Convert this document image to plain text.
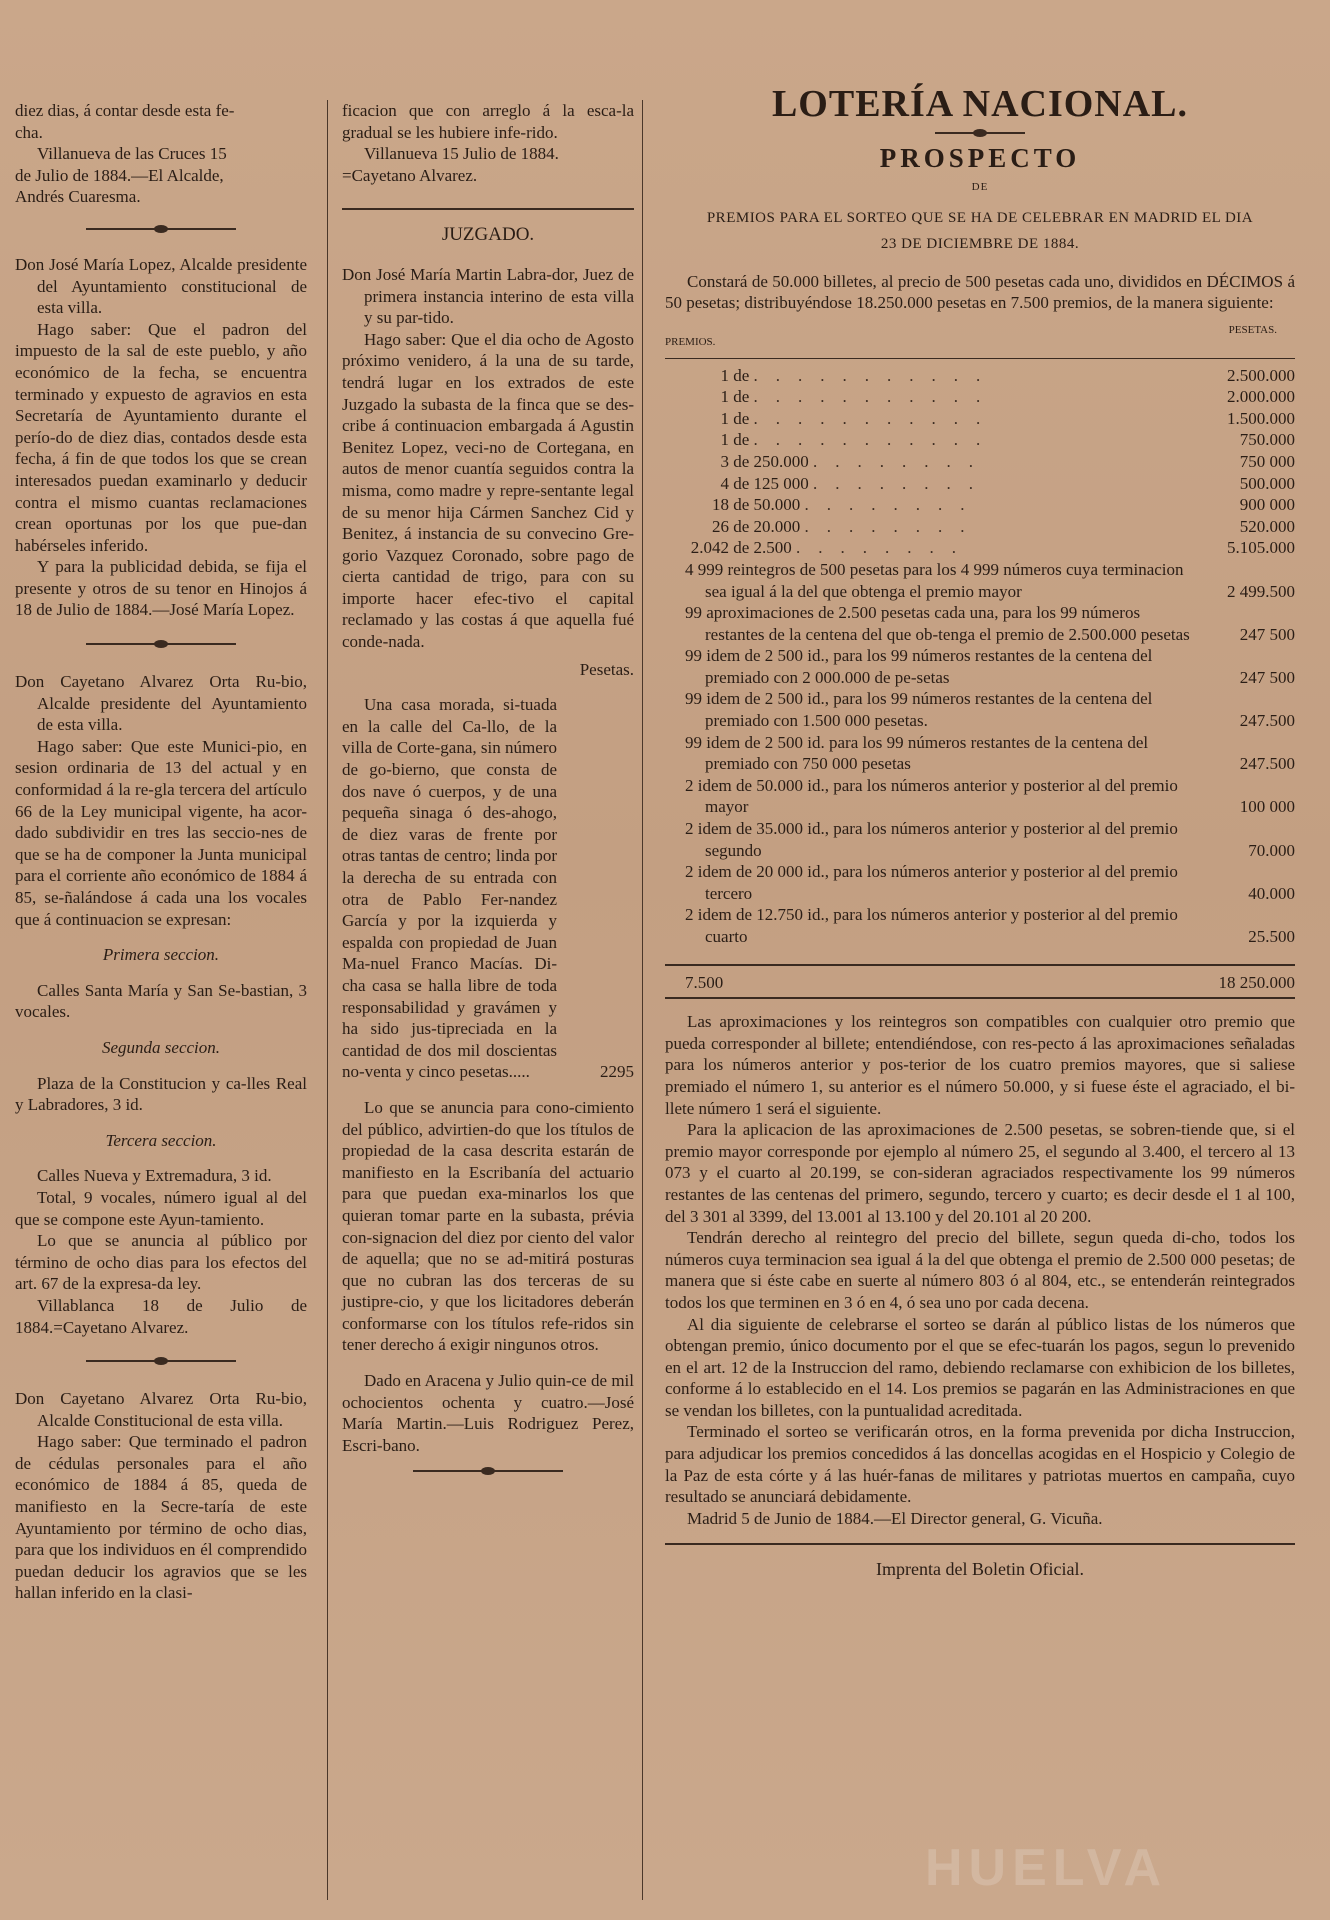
diez dias, á contar desde esta fe-

cha.

Villanueva de las Cruces 15

de Julio de 1884.—El Alcalde,

Andrés Cuaresma.

Don José María Lopez, Alcalde presidente del Ayuntamiento constitucional de esta villa.

Hago saber: Que el padron del impuesto de la sal de este pueblo, y año económico de la fecha, se encuentra terminado y expuesto de agravios en esta Secretaría de Ayuntamiento durante el perío-do de diez dias, contados desde esta fecha, á fin de que todos los que se crean interesados puedan examinarlo y deducir contra el mismo cuantas reclamaciones crean oportunas por los que pue-dan habérseles inferido.

Y para la publicidad debida, se fija el presente y otros de su tenor en Hinojos á 18 de Julio de 1884.—José María Lopez.

Don Cayetano Alvarez Orta Ru-bio, Alcalde presidente del Ayuntamiento de esta villa.

Hago saber: Que este Munici-pio, en sesion ordinaria de 13 del actual y en conformidad á la re-gla tercera del artículo 66 de la Ley municipal vigente, ha acor-dado subdividir en tres las seccio-nes de que se ha de componer la Junta municipal para el corriente año económico de 1884 á 85, se-ñalándose á cada una los vocales que á continuacion se expresan:

Primera seccion.

Calles Santa María y San Se-bastian, 3 vocales.

Segunda seccion.

Plaza de la Constitucion y ca-lles Real y Labradores, 3 id.

Tercera seccion.

Calles Nueva y Extremadura, 3 id.

Total, 9 vocales, número igual al del que se compone este Ayun-tamiento.

Lo que se anuncia al público por término de ocho dias para los efectos del art. 67 de la expresa-da ley.

Villablanca 18 de Julio de 1884.=Cayetano Alvarez.

Don Cayetano Alvarez Orta Ru-bio, Alcalde Constitucional de esta villa.

Hago saber: Que terminado el padron de cédulas personales para el año económico de 1884 á 85, queda de manifiesto en la Secre-taría de este Ayuntamiento por término de ocho dias, para que los individuos en él comprendido puedan deducir los agravios que se les hallan inferido en la clasi-

ficacion que con arreglo á la esca-la gradual se les hubiere infe-rido.

Villanueva 15 Julio de 1884.

=Cayetano Alvarez.

JUZGADO.

Don José María Martin Labra-dor, Juez de primera instancia interino de esta villa y su par-tido.

Hago saber: Que el dia ocho de Agosto próximo venidero, á la una de su tarde, tendrá lugar en los extrados de este Juzgado la subasta de la finca que se des-cribe á continuacion embargada á Agustin Benitez Lopez, veci-no de Cortegana, en autos de menor cuantía seguidos contra la misma, como madre y repre-sentante legal de su menor hija Cármen Sanchez Cid y Benitez, á instancia de su convecino Gre-gorio Vazquez Coronado, sobre pago de cierta cantidad de trigo, para con su importe hacer efec-tivo el capital reclamado y las costas á que aquella fué conde-nada.

Pesetas.

Una casa morada, si-tuada en la calle del Ca-llo, de la villa de Corte-gana, sin número de go-bierno, que consta de dos nave ó cuerpos, y de una pequeña sinaga ó des-ahogo, de diez varas de frente por otras tantas de centro; linda por la derecha de su entrada con otra de Pablo Fer-nandez García y por la izquierda y espalda con propiedad de Juan Ma-nuel Franco Macías. Di-cha casa se halla libre de toda responsabilidad y gravámen y ha sido jus-tipreciada en la cantidad de dos mil doscientas no-venta y cinco pesetas.....	2295

Lo que se anuncia para cono-cimiento del público, advirtien-do que los títulos de propiedad de la casa descrita estarán de manifiesto en la Escribanía del actuario para que puedan exa-minarlos los que quieran tomar parte en la subasta, prévia con-signacion del diez por ciento del valor de aquella; que no se ad-mitirá posturas que no cubran las dos terceras de su justipre-cio, y que los licitadores deberán conformarse con los títulos refe-ridos sin tener derecho á exigir ningunos otros.

Dado en Aracena y Julio quin-ce de mil ochocientos ochenta y cuatro.—José María Martin.—Luis Rodriguez Perez, Escri-bano.

LOTERÍA NACIONAL.

PROSPECTO

DE

PREMIOS PARA EL SORTEO QUE SE HA DE CELEBRAR EN MADRID EL DIA

23 DE DICIEMBRE DE 1884.

Constará de 50.000 billetes, al precio de 500 pesetas cada uno, divididos en DÉCIMOS á 50 pesetas; distribuyéndose 18.250.000 pesetas en 7.500 premios, de la manera siguiente:

PREMIOS.
PESETAS.
1 de ...........	2.500.000
1 de ...........	2.000.000
1 de ...........	1.500.000
1 de ...........	750.000
3 de 250.000 ........	750 000
4 de 125 000 ........	500.000
18 de 50.000 ........	900 000
26 de 20.000 ........	520.000
2.042 de 2.500 ........	5.105.000
4 999 reintegros de 500 pesetas para los 4 999 números cuya terminacion sea igual á la del que obtenga el premio mayor	2 499.500
99 aproximaciones de 2.500 pesetas cada una, para los 99 números restantes de la centena del que ob-tenga el premio de 2.500.000 pesetas	247 500
99 idem de 2 500 id., para los 99 números restantes de la centena del premiado con 2 000.000 de pe-setas	247 500
99 idem de 2 500 id., para los 99 números restantes de la centena del premiado con 1.500 000 pesetas.	247.500
99 idem de 2 500 id. para los 99 números restantes de la centena del premiado con 750 000 pesetas	247.500
2 idem de 50.000 id., para los números anterior y posterior al del premio mayor	100 000
2 idem de 35.000 id., para los números anterior y posterior al del premio segundo	70.000
2 idem de 20 000 id., para los números anterior y posterior al del premio tercero	40.000
2 idem de 12.750 id., para los números anterior y posterior al del premio cuarto	25.500
7.500	18 250.000

Las aproximaciones y los reintegros son compatibles con cualquier otro premio que pueda corresponder al billete; entendiéndose, con res-pecto á las aproximaciones señaladas para los números anterior y pos-terior de los cuatro premios mayores, que si saliese premiado el número 1, su anterior es el número 50.000, y si fuese éste el agraciado, el bi-llete número 1 será el siguiente.

Para la aplicacion de las aproximaciones de 2.500 pesetas, se sobren-tiende que, si el premio mayor corresponde por ejemplo al número 25, el segundo al 3.400, el tercero al 13 073 y el cuarto al 20.199, se con-sideran agraciados respectivamente los 99 números restantes de las centenas del primero, segundo, tercero y cuarto; es decir desde el 1 al 100, del 3 301 al 3399, del 13.001 al 13.100 y del 20.101 al 20 200.

Tendrán derecho al reintegro del precio del billete, segun queda di-cho, todos los números cuya terminacion sea igual á la del que obtenga el premio de 2.500 000 pesetas; de manera que si éste cabe en suerte al número 803 ó al 804, etc., se entenderán reintegrados todos los que terminen en 3 ó en 4, ó sea uno por cada decena.

Al dia siguiente de celebrarse el sorteo se darán al público listas de los números que obtengan premio, único documento por el que se efec-tuarán los pagos, segun lo prevenido en el art. 12 de la Instruccion del ramo, debiendo reclamarse con exhibicion de los billetes, conforme á lo establecido en el 14. Los premios se pagarán en las Administraciones en que se vendan los billetes, con la puntualidad acreditada.

Terminado el sorteo se verificarán otros, en la forma prevenida por dicha Instruccion, para adjudicar los premios concedidos á las doncellas acogidas en el Hospicio y Colegio de la Paz de esta córte y á las huér-fanas de militares y patriotas muertos en campaña, cuyo resultado se anunciará debidamente.

Madrid 5 de Junio de 1884.—El Director general, G. Vicuña.

Imprenta del Boletin Oficial.

HUELVA
